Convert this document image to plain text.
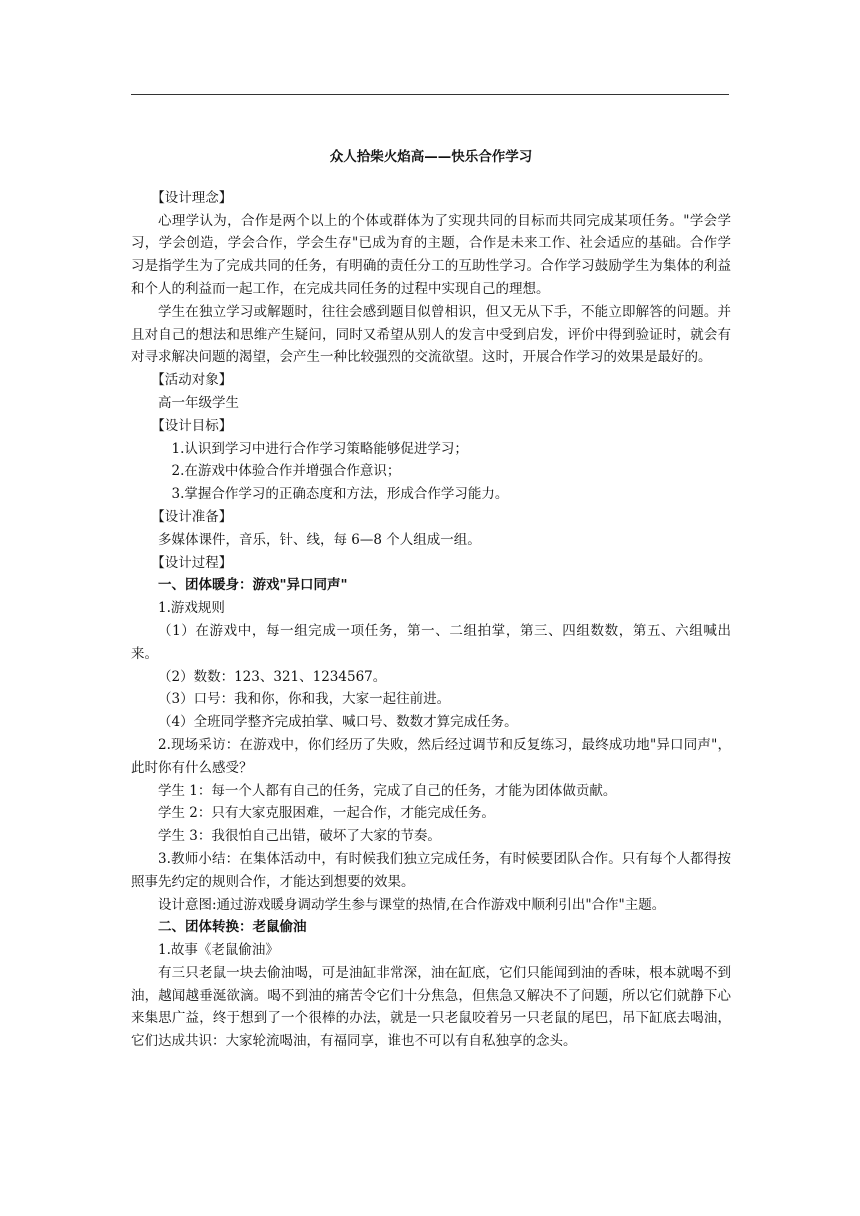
众人拾柴火焰高——快乐合作学习

【设计理念】

心理学认为，合作是两个以上的个体或群体为了实现共同的目标而共同完成某项任务。"学会学习，学会创造，学会合作，学会生存"已成为育的主题，合作是未来工作、社会适应的基础。合作学习是指学生为了完成共同的任务，有明确的责任分工的互助性学习。合作学习鼓励学生为集体的利益和个人的利益而一起工作，在完成共同任务的过程中实现自己的理想。

学生在独立学习或解题时，往往会感到题目似曾相识，但又无从下手，不能立即解答的问题。并且对自己的想法和思维产生疑问，同时又希望从别人的发言中受到启发，评价中得到验证时，就会有对寻求解决问题的渴望，会产生一种比较强烈的交流欲望。这时，开展合作学习的效果是最好的。

【活动对象】

高一年级学生

【设计目标】

1.认识到学习中进行合作学习策略能够促进学习；

2.在游戏中体验合作并增强合作意识；

3.掌握合作学习的正确态度和方法，形成合作学习能力。

【设计准备】

多媒体课件，音乐，针、线，每 6—8 个人组成一组。

【设计过程】

一、团体暖身：游戏"异口同声"

1.游戏规则

（1）在游戏中，每一组完成一项任务，第一、二组拍掌，第三、四组数数，第五、六组喊出来。

（2）数数：123、321、1234567。

（3）口号：我和你，你和我，大家一起往前进。

（4）全班同学整齐完成拍掌、喊口号、数数才算完成任务。

2.现场采访：在游戏中，你们经历了失败，然后经过调节和反复练习，最终成功地"异口同声"，此时你有什么感受？

学生 1：每一个人都有自己的任务，完成了自己的任务，才能为团体做贡献。

学生 2：只有大家克服困难，一起合作，才能完成任务。

学生 3：我很怕自己出错，破坏了大家的节奏。

3.教师小结：在集体活动中，有时候我们独立完成任务，有时候要团队合作。只有每个人都得按照事先约定的规则合作，才能达到想要的效果。

设计意图:通过游戏暖身调动学生参与课堂的热情,在合作游戏中顺利引出"合作"主题。

二、团体转换：老鼠偷油

1.故事《老鼠偷油》

有三只老鼠一块去偷油喝，可是油缸非常深，油在缸底，它们只能闻到油的香味，根本就喝不到油，越闻越垂涎欲滴。喝不到油的痛苦令它们十分焦急，但焦急又解决不了问题，所以它们就静下心来集思广益，终于想到了一个很棒的办法，就是一只老鼠咬着另一只老鼠的尾巴，吊下缸底去喝油，它们达成共识：大家轮流喝油，有福同享，谁也不可以有自私独享的念头。
